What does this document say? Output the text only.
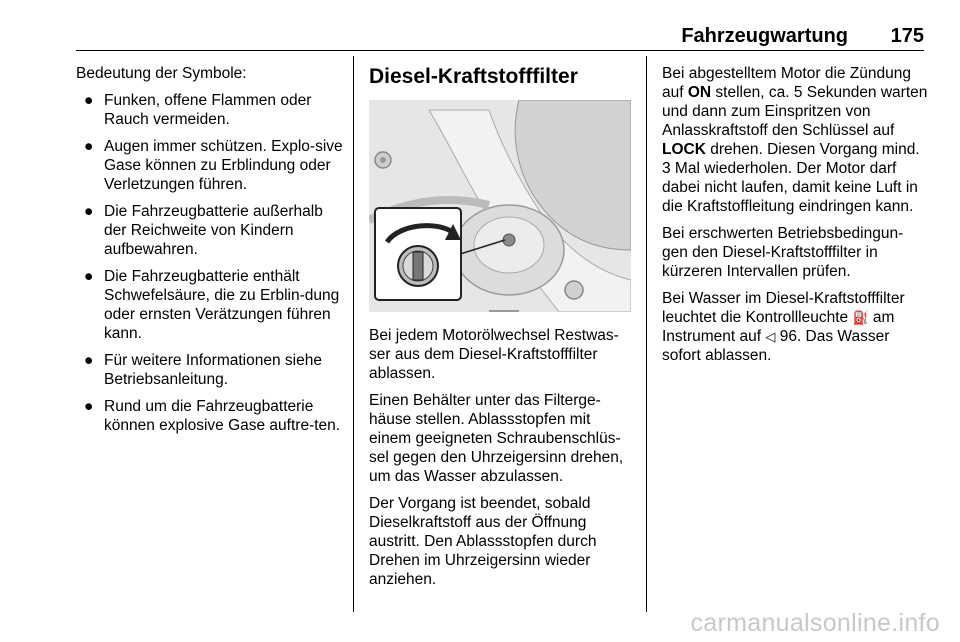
Fahrzeugwartung 175

Bedeutung der Symbole:

● Funken, offene Flammen oder Rauch vermeiden.
● Augen immer schützen. Explo-sive Gase können zu Erblindung oder Verletzungen führen.
● Die Fahrzeugbatterie außerhalb der Reichweite von Kindern aufbewahren.
● Die Fahrzeugbatterie enthält Schwefelsäure, die zu Erblin-dung oder ernsten Verätzungen führen kann.
● Für weitere Informationen siehe Betriebsanleitung.
● Rund um die Fahrzeugbatterie können explosive Gase auftre-ten.
Diesel-Kraftstofffilter

Bei jedem Motorölwechsel Restwas-ser aus dem Diesel-Kraftstofffilter ablassen.

Einen Behälter unter das Filterge-häuse stellen. Ablassstopfen mit einem geeigneten Schraubenschlüs-sel gegen den Uhrzeigersinn drehen, um das Wasser abzulassen.

Der Vorgang ist beendet, sobald Dieselkraftstoff aus der Öffnung austritt. Den Ablassstopfen durch Drehen im Uhrzeigersinn wieder anziehen.

Bei abgestelltem Motor die Zündung auf ON stellen, ca. 5 Sekunden warten und dann zum Einspritzen von Anlasskraftstoff den Schlüssel auf LOCK drehen. Diesen Vorgang mind. 3 Mal wiederholen. Der Motor darf dabei nicht laufen, damit keine Luft in die Kraftstoffleitung eindringen kann.

Bei erschwerten Betriebsbedingun-gen den Diesel-Kraftstofffilter in kürzeren Intervallen prüfen.

Bei Wasser im Diesel-Kraftstofffilter leuchtet die Kontrollleuchte ⛽ am Instrument auf ◁ 96. Das Wasser sofort ablassen.

carmanualsonline.info
